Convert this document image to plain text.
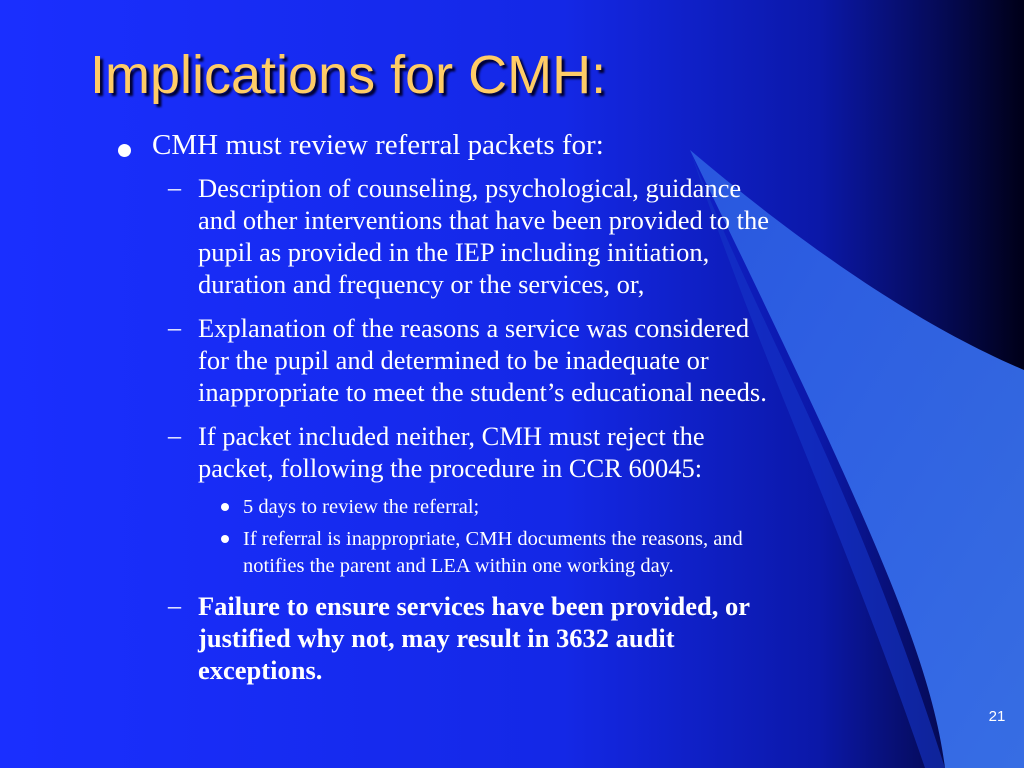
Implications for CMH:
CMH must review referral packets for:
– Description of counseling, psychological, guidance
and other interventions that have been provided to the
pupil as provided in the IEP including initiation,
duration and frequency or the services, or,
– Explanation of the reasons a service was considered
for the pupil and determined to be inadequate or
inappropriate to meet the student’s educational needs.
– If packet included neither, CMH must reject the
packet, following the procedure in CCR 60045:
5 days to review the referral;
If referral is inappropriate, CMH documents the reasons, and
notifies the parent and LEA within one working day.
– Failure to ensure services have been provided, or
justified why not, may result in 3632 audit
exceptions.
21
